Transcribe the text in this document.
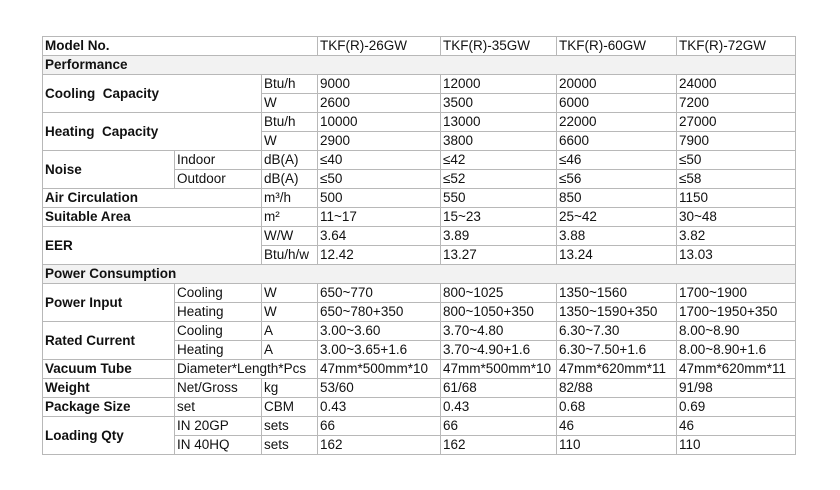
Model No.			TKF(R)-26GW	TKF(R)-35GW	TKF(R)-60GW	TKF(R)-72GW
Performance						
Cooling  Capacity		Btu/h	9000	12000	20000	24000
		W	2600	3500	6000	7200
Heating  Capacity		Btu/h	10000	13000	22000	27000
		W	2900	3800	6600	7900
Noise	Indoor	dB(A)	≤40	≤42	≤46	≤50
	Outdoor	dB(A)	≤50	≤52	≤56	≤58
Air Circulation		m³/h	500	550	850	1150
Suitable Area		m²	11~17	15~23	25~42	30~48
EER		W/W	3.64	3.89	3.88	3.82
		Btu/h/w	12.42	13.27	13.24	13.03
Power Consumption						
Power Input	Cooling	W	650~770	800~1025	1350~1560	1700~1900
	Heating	W	650~780+350	800~1050+350	1350~1590+350	1700~1950+350
Rated Current	Cooling	A	3.00~3.60	3.70~4.80	6.30~7.30	8.00~8.90
	Heating	A	3.00~3.65+1.6	3.70~4.90+1.6	6.30~7.50+1.6	8.00~8.90+1.6
Vacuum Tube	Diameter*Length*Pcs		47mm*500mm*10	47mm*500mm*10	47mm*620mm*11	47mm*620mm*11
Weight	Net/Gross	kg	53/60	61/68	82/88	91/98
Package Size	set	CBM	0.43	0.43	0.68	0.69
Loading Qty	IN 20GP	sets	66	66	46	46
	IN 40HQ	sets	162	162	110	110
